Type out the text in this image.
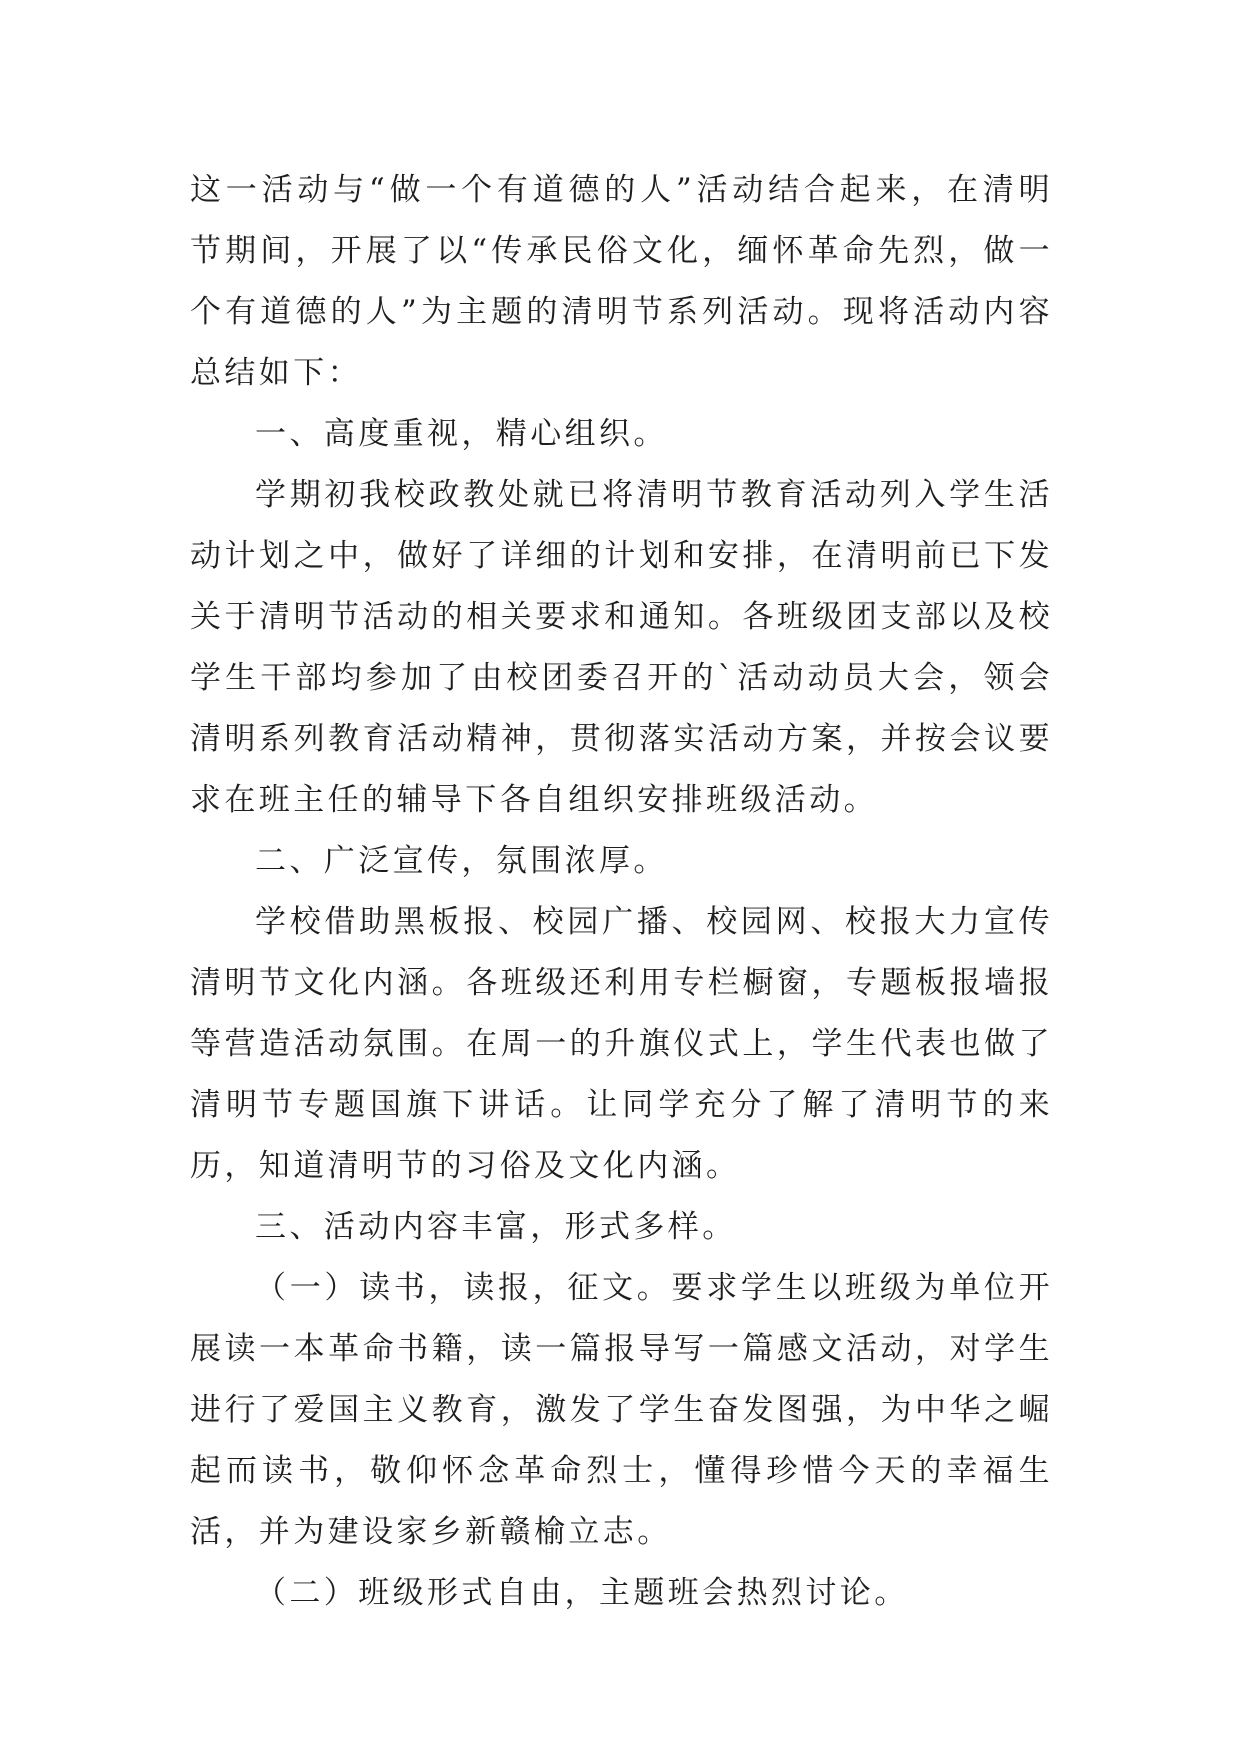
这一活动与“做一个有道德的人”活动结合起来，在清明节期间，开展了以“传承民俗文化，缅怀革命先烈，做一个有道德的人”为主题的清明节系列活动。现将活动内容总结如下：

一、高度重视，精心组织。

学期初我校政教处就已将清明节教育活动列入学生活动计划之中，做好了详细的计划和安排，在清明前已下发关于清明节活动的相关要求和通知。各班级团支部以及校学生干部均参加了由校团委召开的`活动动员大会，领会清明系列教育活动精神，贯彻落实活动方案，并按会议要求在班主任的辅导下各自组织安排班级活动。

二、广泛宣传，氛围浓厚。

学校借助黑板报、校园广播、校园网、校报大力宣传清明节文化内涵。各班级还利用专栏橱窗，专题板报墙报等营造活动氛围。在周一的升旗仪式上，学生代表也做了清明节专题国旗下讲话。让同学充分了解了清明节的来历，知道清明节的习俗及文化内涵。

三、活动内容丰富，形式多样。

（一）读书，读报，征文。要求学生以班级为单位开展读一本革命书籍，读一篇报导写一篇感文活动，对学生进行了爱国主义教育，激发了学生奋发图强，为中华之崛起而读书，敬仰怀念革命烈士，懂得珍惜今天的幸福生活，并为建设家乡新赣榆立志。

（二）班级形式自由，主题班会热烈讨论。
